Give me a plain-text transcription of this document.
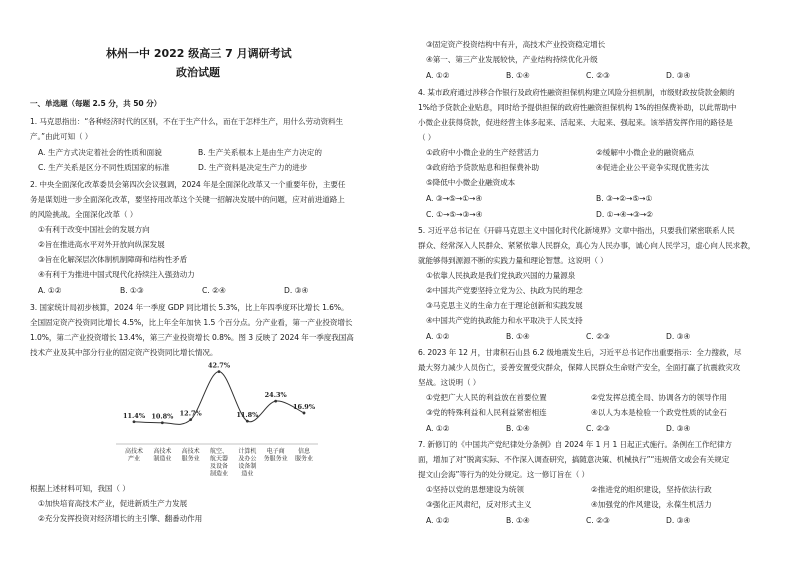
林州一中 2022 级高三 7 月调研考试
政治试题
一、单选题（每题 2.5 分，共 50 分）
1. 马克思指出：“各种经济时代的区别，不在于生产什么，而在于怎样生产，用什么劳动资料生
产。”由此可知（ ）
A. 生产方式决定着社会的性质和面貌	B. 生产关系根本上是由生产力决定的
C. 生产关系是区分不同性质国家的标准	D. 生产资料是决定生产力的进步
2. 中央全面深化改革委员会第四次会议强调，2024 年是全面深化改革又一个重要年份，主要任
务是谋划进一步全面深化改革，要坚持用改革这个关键一招解决发展中的问题，应对前进道路上
的风险挑战。全面深化改革（ ）
①有利于改变中国社会的发展方向
②旨在推进高水平对外开放向纵深发展
③旨在化解深层次体制机制障碍和结构性矛盾
④有利于为推进中国式现代化持续注入强劲动力
A. ①②	B. ①③	C. ②④	D. ③④
3. 国家统计局初步核算，2024 年一季度 GDP 同比增长 5.3%，比上年四季度环比增长 1.6%。
全国固定资产投资同比增长 4.5%，比上年全年加快 1.5 个百分点。分产业看，第一产业投资增长
1.0%，第二产业投资增长 13.4%，第三产业投资增长 0.8%。图 3 反映了 2024 年一季度我国高
技术产业及其中部分行业的固定资产投资同比增长情况。
11.4%
高技术
产业
10.8%
高技术
制造业
12.7%
高技术
服务业
42.7%
航空、
航天器
及设备
制造业
11.8%
计算机
及办公
设备制
造业
24.3%
电子商
务服务业
16.9%
信息
服务业
根据上述材料可知，我国（ ）
①加快培育高技术产业，促进新质生产力发展
②充分发挥投资对经济增长的主引擎、翻番动作用
③固定资产投资结构中有升，高技术产业投资稳定增长
④第一、第三产业发展较快，产业结构持续优化升级
A. ①②	B. ①④	C. ②③	D. ③④
4. 某市政府通过涉移合作银行及政府性融资担保机构建立风险分担机制，市级财政按贷款金额的
1%给予贷款企业贴息，同时给予提供担保的政府性融资担保机构 1%的担保费补助，以此帮助中
小微企业获得贷款，促进经营主体多起来、活起来、大起来、强起来。该举措发挥作用的路径是
（ ）
①政府中小微企业的生产经营活力	②缓解中小微企业的融资痛点
③政府给予贷款贴息和担保费补助	④促进企业公平竞争实现优胜劣汰
⑤降低中小微企业融资成本
A. ③→⑤→①→④	B. ③→②→⑤→①
C. ①→⑤→③→④	D. ①→④→③→②
5. 习近平总书记在《开辟马克思主义中国化时代化新境界》文章中指出，只要我们紧密联系人民
群众、经常深入人民群众、紧紧依靠人民群众，真心为人民办事，诚心向人民学习，虚心向人民求教，
就能够得到源源不断的实践力量和理论智慧。这说明（ ）
①依靠人民执政是我们党执政兴国的力量源泉
②中国共产党要坚持立党为公、执政为民的理念
③马克思主义的生命力在于理论创新和实践发展
④中国共产党的执政能力和水平取决于人民支持
A. ①②	B. ①④	C. ②③	D. ③④
6. 2023 年 12 月，甘肃积石山县 6.2 级地震发生后，习近平总书记作出重要指示：全力搜救，尽
最大努力减少人员伤亡，妥善安置受灾群众，保障人民群众生命财产安全，全面打赢了抗震救灾攻
坚战。这说明（ ）
①党把广大人民的利益放在首要位置	②党发挥总揽全局、协调各方的领导作用
③党的特殊利益和人民利益紧密相连	④以人为本是检验一个政党性质的试金石
A. ①②	B. ①④	C. ②③	D. ③④
7. 新修订的《中国共产党纪律处分条例》自 2024 年 1 月 1 日起正式施行。条例在工作纪律方
面，增加了对“脱离实际、不作深入调查研究，搞随意决策、机械执行”“违规借文或会有关规定
提文山会海”等行为的处分规定。这一修订旨在（ ）
①坚持以党的思想建设为统领	②推进党的组织建设，坚持依法行政
③强化正风肃纪，反对形式主义	④加强党的作风建设，永葆生机活力
A. ①②	B. ①④	C. ②③	D. ③④
